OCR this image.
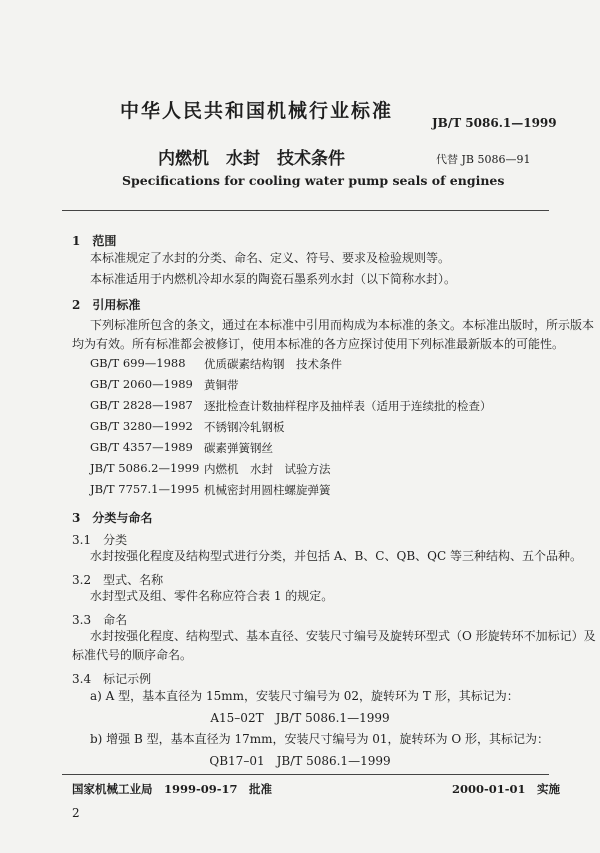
中华人民共和国机械行业标准
JB/T 5086.1—1999
内燃机　水封　技术条件	代替 JB 5086—91
Specifications for cooling water pump seals of engines
1　范围
本标准规定了水封的分类、命名、定义、符号、要求及检验规则等。
本标准适用于内燃机冷却水泵的陶瓷石墨系列水封（以下简称水封）。
2　引用标准
下列标准所包含的条文，通过在本标准中引用而构成为本标准的条文。本标准出版时，所示版本
均为有效。所有标准都会被修订，使用本标准的各方应探讨使用下列标准最新版本的可能性。
GB/T 699—1988 优质碳素结构钢　技术条件
GB/T 2060—1989 黄铜带
GB/T 2828—1987 逐批检查计数抽样程序及抽样表（适用于连续批的检查）
GB/T 3280—1992 不锈钢冷轧钢板
GB/T 4357—1989 碳素弹簧钢丝
JB/T 5086.2—1999 内燃机　水封　试验方法
JB/T 7757.1—1995 机械密封用圆柱螺旋弹簧
3　分类与命名
3.1　分类
水封按强化程度及结构型式进行分类，并包括 A、B、C、QB、QC 等三种结构、五个品种。
3.2　型式、名称
水封型式及组、零件名称应符合表 1 的规定。
3.3　命名
水封按强化程度、结构型式、基本直径、安装尺寸编号及旋转环型式（O 形旋转环不加标记）及
标准代号的顺序命名。
3.4　标记示例
a) A 型，基本直径为 15mm，安装尺寸编号为 02，旋转环为 T 形，其标记为：
A15–02T　JB/T 5086.1—1999
b) 增强 B 型，基本直径为 17mm，安装尺寸编号为 01，旋转环为 O 形，其标记为：
QB17–01　JB/T 5086.1—1999
国家机械工业局　1999-09-17　批准	2000-01-01　实施
2
